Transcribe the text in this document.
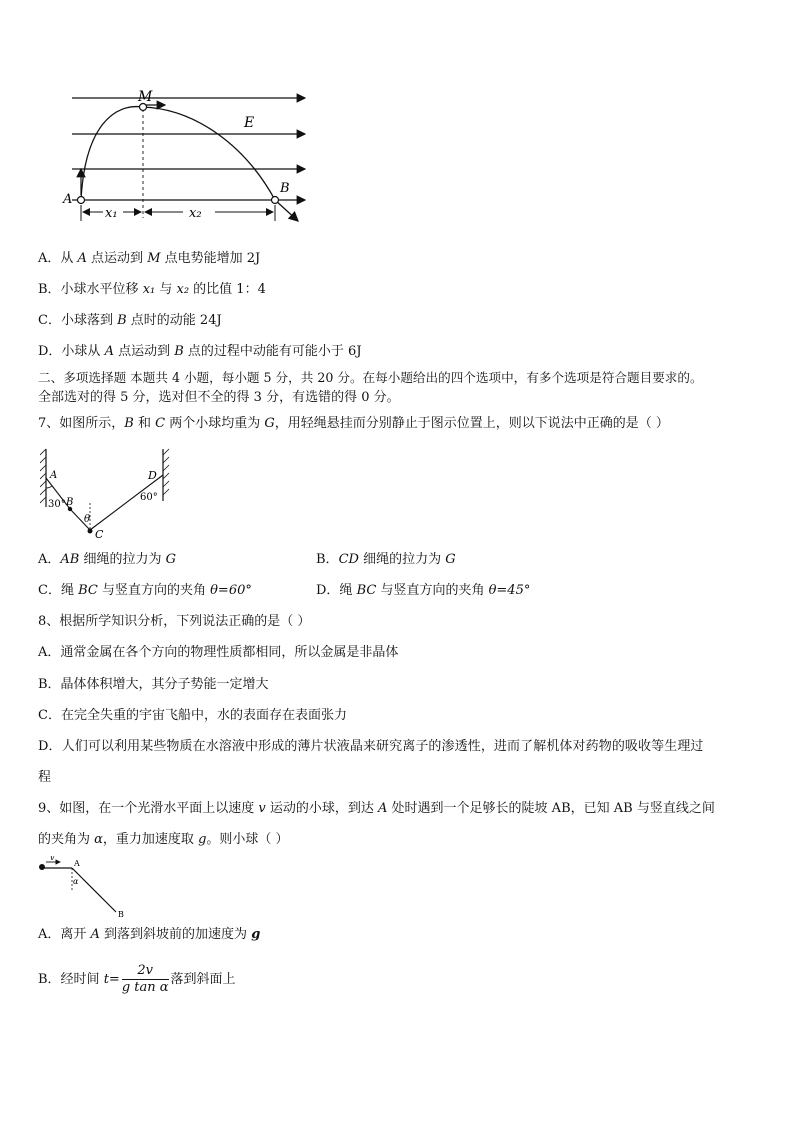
M
E
A
B
x₁	x₂
A．从 A 点运动到 M 点电势能增加 2J
B．小球水平位移 x₁ 与 x₂ 的比值 1：4
C．小球落到 B 点时的动能 24J
D．小球从 A 点运动到 B 点的过程中动能有可能小于 6J
二、多项选择题 本题共 4 小题，每小题 5 分，共 20 分。在每小题给出的四个选项中，有多个选项是符合题目要求的。
全部选对的得 5 分，选对但不全的得 3 分，有选错的得 0 分。
7、如图所示，B 和 C 两个小球均重为 G，用轻绳悬挂而分别静止于图示位置上，则以下说法中正确的是（ ）
A	D
30°
60°
B
θ
C
A．AB 细绳的拉力为 G	B．CD 细绳的拉力为 G
C．绳 BC 与竖直方向的夹角 θ=60°	D．绳 BC 与竖直方向的夹角 θ=45°
8、根据所学知识分析，下列说法正确的是（ ）
A．通常金属在各个方向的物理性质都相同，所以金属是非晶体
B．晶体体积增大，其分子势能一定增大
C．在完全失重的宇宙飞船中，水的表面存在表面张力
D．人们可以利用某些物质在水溶液中形成的薄片状液晶来研究离子的渗透性，进而了解机体对药物的吸收等生理过
程
9、如图，在一个光滑水平面上以速度 v 运动的小球，到达 A 处时遇到一个足够长的陡坡 AB，已知 AB 与竖直线之间
的夹角为 α，重力加速度取 g。则小球（ ）
v
A
α
B
A．离开 A 到落到斜坡前的加速度为 g
B．经时间 $t= \frac{2v}{\text{g tan α}}$ 落到斜面上
